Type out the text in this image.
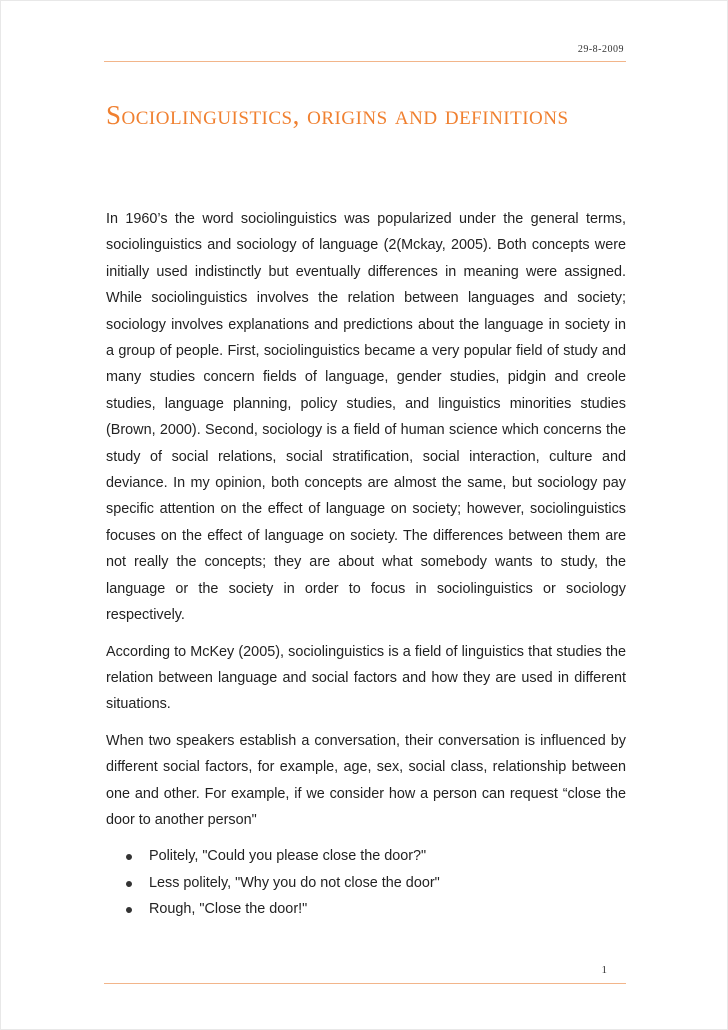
29-8-2009
Sociolinguistics, origins and definitions

In 1960’s the word sociolinguistics was popularized under the general terms, sociolinguistics and sociology of language (2(Mckay, 2005). Both concepts were initially used indistinctly but eventually differences in meaning were assigned. While sociolinguistics involves the relation between languages and society; sociology involves explanations and predictions about the language in society in a group of people. First, sociolinguistics became a very popular field of study and many studies concern fields of language, gender studies, pidgin and creole studies, language planning, policy studies, and linguistics minorities studies (Brown, 2000). Second, sociology is a field of human science which concerns the study of social relations, social stratification, social interaction, culture and deviance. In my opinion, both concepts are almost the same, but sociology pay specific attention on the effect of language on society; however, sociolinguistics focuses on the effect of language on society. The differences between them are not really the concepts; they are about what somebody wants to study, the language or the society in order to focus in sociolinguistics or sociology respectively.

According to McKey (2005), sociolinguistics is a field of linguistics that studies the relation between language and social factors and how they are used in different situations.

When two speakers establish a conversation, their conversation is influenced by different social factors, for example, age, sex, social class, relationship between one and other. For example, if we consider how a person can request “close the door to another person"

Politely, "Could you please close the door?"
Less politely, "Why you do not close the door"
Rough, "Close the door!"
1
